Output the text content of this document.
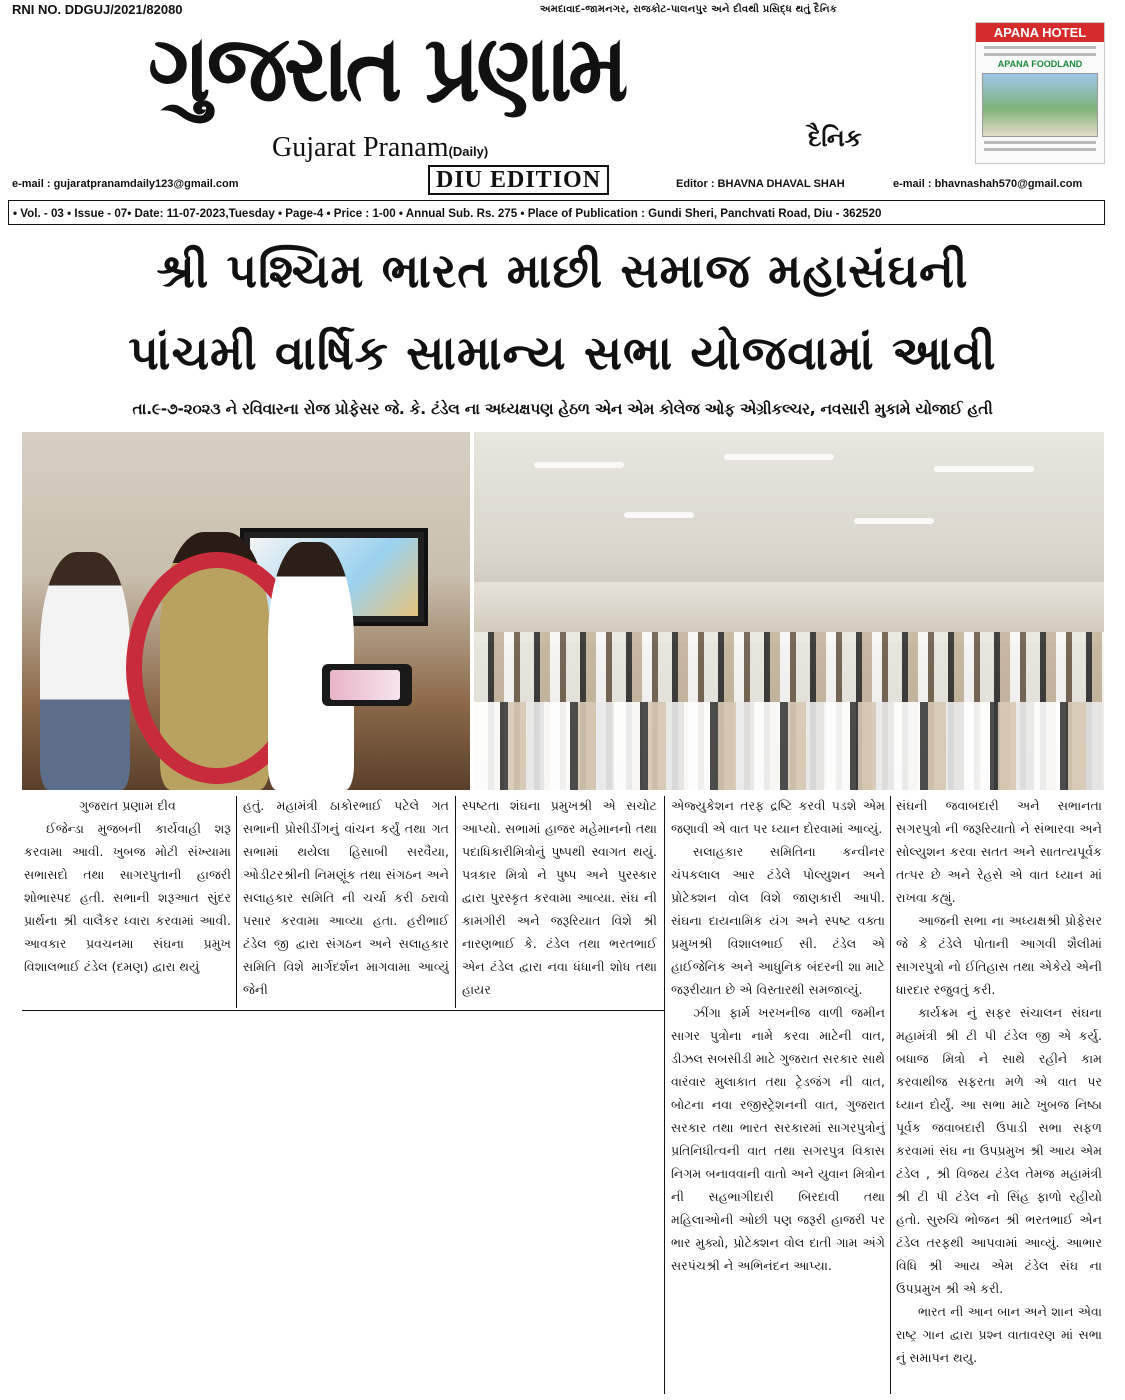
RNI NO. DDGUJ/2021/82080	અમદાવાદ-જામનગર, રાજકોટ-પાલનપુર અને દીવથી પ્રસિદ્ધ થતું દૈનિક
ગુજરાત પ્રણામ
Gujarat Pranam(Daily)	દૈનિક
DIU EDITION
APANA HOTEL
APANA FOODLAND
e-mail : gujaratpranamdaily123@gmail.com	Editor : BHAVNA DHAVAL SHAH	e-mail : bhavnashah570@gmail.com
• Vol. - 03 • Issue - 07• Date: 11-07-2023,Tuesday • Page-4 • Price : 1-00 • Annual Sub. Rs. 275 • Place of Publication : Gundi Sheri, Panchvati Road, Diu - 362520
શ્રી પશ્ચિમ ભારત માછી સમાજ મહાસંઘની
પાંચમી વાર્ષિક સામાન્ય સભા યોજવામાં આવી
તા.૯-૭-૨૦૨૩ ને રવિવારના રોજ પ્રોફેસર જે. કે. ટંડેલ ના અધ્યક્ષપણ હેઠળ એન એમ કોલેજ ઓફ એગ્રીકલ્ચર, નવસારી મુકામે યોજાઈ હતી

ગુજરાત પ્રણામ દીવ

ઈજેન્ડા મુજબની કાર્યવાહી શરૂ કરવામા આવી. ખુબજ મોટી સંખ્યામા સભાસદો તથા સાગરપુતાની હાજરી શોભાસ્પદ હતી. સભાની શરૂઆત સુંદર પ્રાર્થના શ્રી વાલૈકર ધ્વારા કરવામાં આવી. આવકાર પ્રવચનમા સંઘના પ્રમુખ વિશાલભાઈ ટંડેલ (દમણ) દ્વારા થયું

હતું. મહામંત્રી ઠાકોરભાઈ પટેલે ગત સભાની પ્રોસીડીંગનું વાંચન કર્યું તથા ગત સભામાં થયેલા હિસાબી સરવૈયા, ઓડીટરશ્રીની નિમણૂંક તથા સંગઠન અને સલાહકાર સમિતિ ની ચર્ચા કરી ઠરાવો પસાર કરવામા આવ્યા હતા. હરીભાઈ ટંડેલ જી દ્વારા સંગઠન અને સલાહકાર સમિતિ વિશે માર્ગદર્શન માગવામા આવ્યું જેની

સ્પષ્ટતા શંઘના પ્રમુખશ્રી એ સચોટ આપ્યો. સભામાં હાજર મહેમાનનો તથા પદાધિકારીમિત્રોનું પુષ્પથી સ્વાગત થયું. પત્રકાર મિત્રો ને પુષ્પ અને પુરસ્કાર દ્વારા પુરસ્કૃત કરવામા આવ્યા. સંઘ ની કામગીરી અને જરૂરિયાત વિશે શ્રી નારણભાઈ કે. ટંડેલ તથા ભરતભાઈ એન ટંડેલ દ્વારા નવા ધંધાની શોધ તથા હાયર

એજ્યુકેશન તરફ દ્રષ્ટિ કરવી પડશે એમ જણાવી એ વાત પર ધ્યાન દોરવામાં આવ્યું.

સલાહકાર સમિતિના કન્વીનર ચંપકલાલ આર ટંડેલે પોલ્યુશન અને પ્રોટેક્શન વોલ વિશે જાણકારી આપી. સંઘના દાયનામિક યંગ અને સ્પષ્ટ વક્તા પ્રમુખશ્રી વિશાલભાઈ સી. ટંડેલ એ હાઈજેનિક અને આધુનિક બંદરની શા માટે જરૂરીયાત છે એ વિસ્તારથી સમજાવ્યું.

ઝીંગા ફાર્મ ખરખનીજ વાળી જમીન સાગર પુત્રોના નામે કરવા માટેની વાત, ડીઝલ સબસીડી માટે ગુજરાત સરકાર સાથે વારંવાર મુલાકાત તથા ટ્રેડજંગ ની વાત, બોટના નવા રજીસ્ટ્રેશનની વાત, ગુજરાત સરકાર તથા ભારત સરકારમાં સાગરપુત્રોનું પ્રતિનિધીત્વની વાત તથા સગરપુત્ર વિકાસ નિગમ બનાવવાની વાતો અને યુવાન મિત્રોન ની સહભાગીદારી બિરદાવી તથા મહિલાઓની ઓછી પણ જરૂરી હાજરી પર ભાર મુક્યો, પ્રોટેક્શન વોલ દાતી ગામ અંગે સરપંચશ્રી ને અભિનંદન આપ્યા.

સંઘની જવાબદારી અને સભાનતા સગરપુત્રો ની જરૂરિયાતો ને સંભારવા અને સોલ્યુશન કરવા સતત અને સાતત્યપૂર્વક તત્પર છે અને રેહસે એ વાત ધ્યાન માં રાખવા કહ્યું.

આજની સભા ના અધ્યક્ષશ્રી પ્રોફેસર જે કે ટંડેલે પોતાની આગવી શૈલીમાં સાગરપુત્રો નો ઈતિહાસ તથા એકેયે એની ધારદાર રજુવતું કરી.

કાર્યક્રમ નું સફર સંચાલન સંઘના મહામંત્રી શ્રી ટી પી ટંડેલ જી એ કર્યુ. બધાજ મિત્રો ને સાથે રહીને કામ કરવાથીજ સફરતા મળે એ વાત પર ધ્યાન દોર્યું. આ સભા માટે ખુબજ નિષ્ઠા પૂર્વક જવાબદારી ઉપાડી સભા સફળ કરવામાં સંઘ ના ઉપપ્રમુખ શ્રી આય એમ ટંડેલ , શ્રી વિજય ટંડેલ તેમજ મહામંત્રી શ્રી ટી પી ટંડેલ નો સિંહ ફાળો રહીયો હતો. સુરુચિ ભોજન શ્રી ભરતભાઈ એન ટંડેલ તરફથી આપવામાં આવ્યું. આભાર વિધિ શ્રી આય એમ ટંડેલ સંઘ ના ઉપપ્રમુખ શ્રી એ કરી.

ભારત ની આન બાન અને શાન એવા રાષ્ટ્ર ગાન દ્વારા પ્રશ્ન વાતાવરણ માં સભા નું સમાપન થયુ.
